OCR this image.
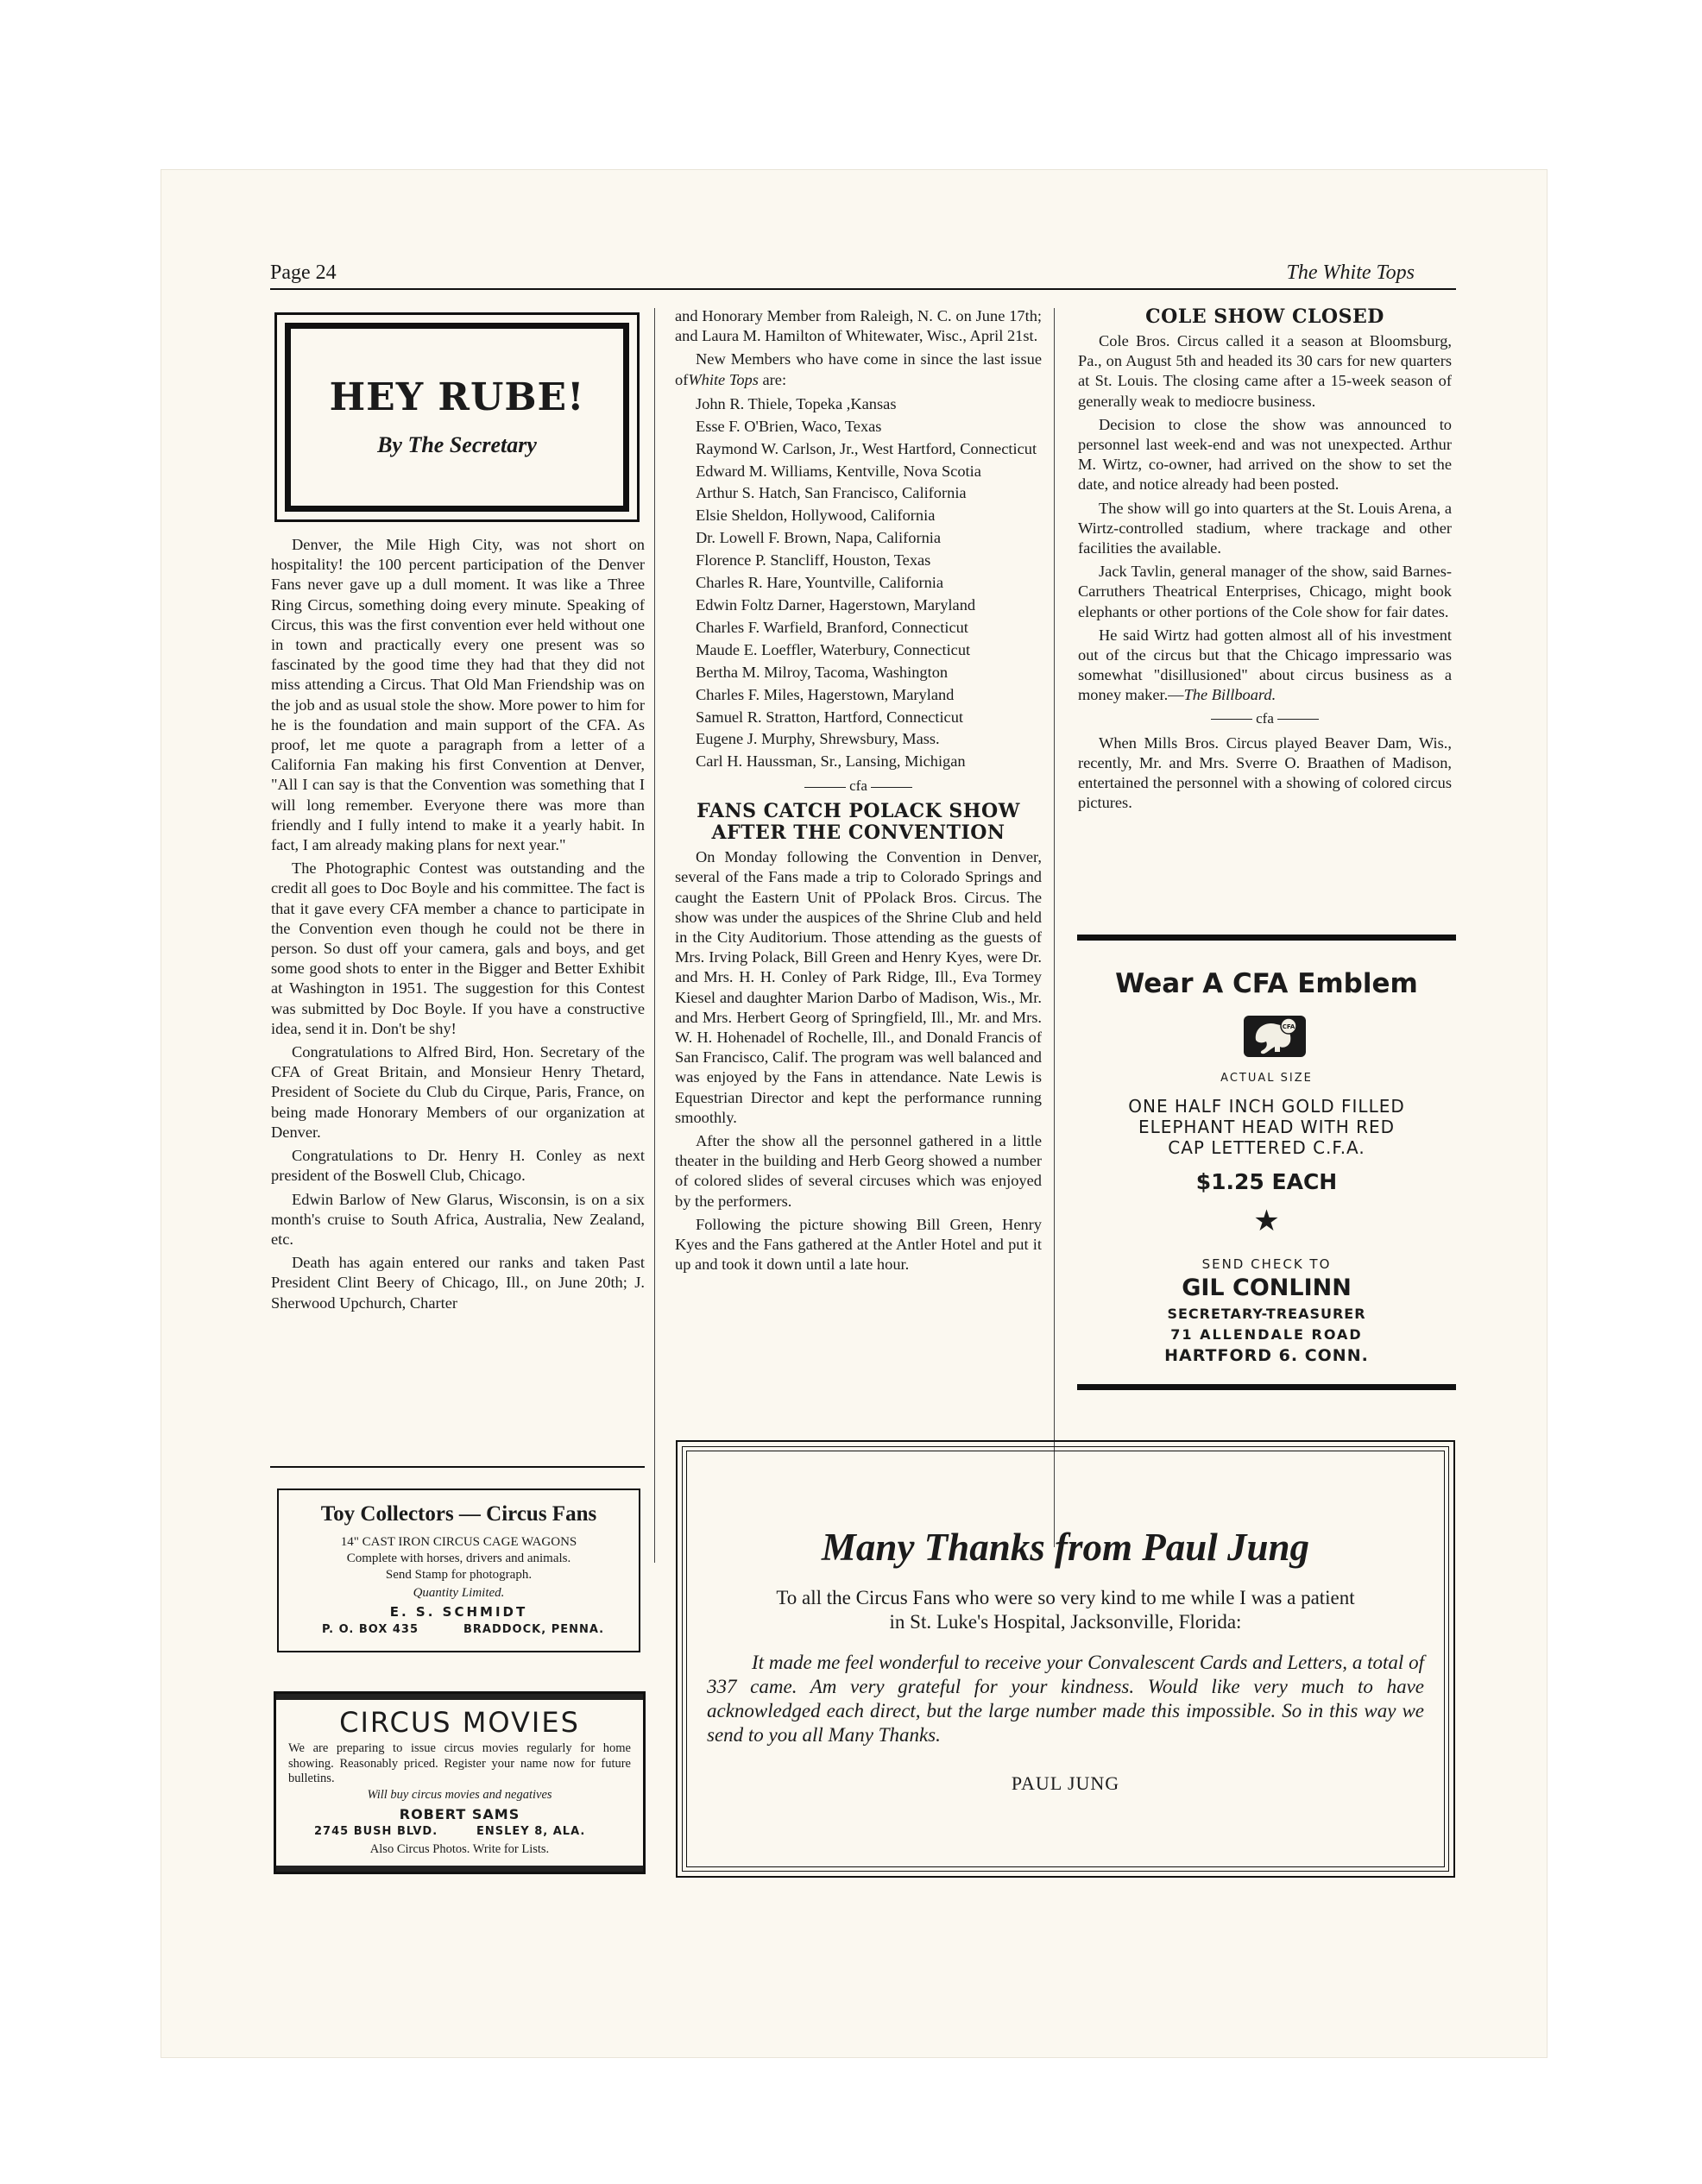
Page 24	The White Tops
HEY RUBE!
By The Secretary

Denver, the Mile High City, was not short on hospitality! the 100 percent participation of the Denver Fans never gave up a dull moment. It was like a Three Ring Circus, something doing every minute. Speaking of Circus, this was the first convention ever held without one in town and practically every one present was so fascinated by the good time they had that they did not miss attending a Circus. That Old Man Friendship was on the job and as usual stole the show. More power to him for he is the foundation and main support of the CFA. As proof, let me quote a paragraph from a letter of a California Fan making his first Convention at Denver, "All I can say is that the Convention was something that I will long remember. Everyone there was more than friendly and I fully intend to make it a yearly habit. In fact, I am already making plans for next year."

The Photographic Contest was outstanding and the credit all goes to Doc Boyle and his committee. The fact is that it gave every CFA member a chance to participate in the Convention even though he could not be there in person. So dust off your camera, gals and boys, and get some good shots to enter in the Bigger and Better Exhibit at Washington in 1951. The suggestion for this Contest was submitted by Doc Boyle. If you have a constructive idea, send it in. Don't be shy!

Congratulations to Alfred Bird, Hon. Secretary of the CFA of Great Britain, and Monsieur Henry Thetard, President of Societe du Club du Cirque, Paris, France, on being made Honorary Members of our organization at Denver.

Congratulations to Dr. Henry H. Conley as next president of the Boswell Club, Chicago.

Edwin Barlow of New Glarus, Wisconsin, is on a six month's cruise to South Africa, Australia, New Zealand, etc.

Death has again entered our ranks and taken Past President Clint Beery of Chicago, Ill., on June 20th; J. Sherwood Upchurch, Charter

Toy Collectors — Circus Fans
14" CAST IRON CIRCUS CAGE WAGONS
Complete with horses, drivers and animals.
Send Stamp for photograph.
Quantity Limited.
E. S. SCHMIDT
P. O. BOX 435	BRADDOCK, PENNA.
CIRCUS MOVIES
We are preparing to issue circus movies regularly for home showing. Reasonably priced. Register your name now for future bulletins.
Will buy circus movies and negatives
ROBERT SAMS
2745 BUSH BLVD.	ENSLEY 8, ALA.
Also Circus Photos. Write for Lists.

and Honorary Member from Raleigh, N. C. on June 17th; and Laura M. Hamilton of Whitewater, Wisc., April 21st.

New Members who have come in since the last issue ofWhite Tops are:

John R. Thiele, Topeka ,Kansas
Esse F. O'Brien, Waco, Texas
Raymond W. Carlson, Jr., West Hartford, Connecticut
Edward M. Williams, Kentville, Nova Scotia
Arthur S. Hatch, San Francisco, California
Elsie Sheldon, Hollywood, California
Dr. Lowell F. Brown, Napa, California
Florence P. Stancliff, Houston, Texas
Charles R. Hare, Yountville, California
Edwin Foltz Darner, Hagerstown, Maryland
Charles F. Warfield, Branford, Connecticut
Maude E. Loeffler, Waterbury, Connecticut
Bertha M. Milroy, Tacoma, Washington
Charles F. Miles, Hagerstown, Maryland
Samuel R. Stratton, Hartford, Connecticut
Eugene J. Murphy, Shrewsbury, Mass.
Carl H. Haussman, Sr., Lansing, Michigan
cfa
FANS CATCH POLACK SHOW
AFTER THE CONVENTION

On Monday following the Convention in Denver, several of the Fans made a trip to Colorado Springs and caught the Eastern Unit of PPolack Bros. Circus. The show was under the auspices of the Shrine Club and held in the City Auditorium. Those attending as the guests of Mrs. Irving Polack, Bill Green and Henry Kyes, were Dr. and Mrs. H. H. Conley of Park Ridge, Ill., Eva Tormey Kiesel and daughter Marion Darbo of Madison, Wis., Mr. and Mrs. Herbert Georg of Springfield, Ill., Mr. and Mrs. W. H. Hohenadel of Rochelle, Ill., and Donald Francis of San Francisco, Calif. The program was well balanced and was enjoyed by the Fans in attendance. Nate Lewis is Equestrian Director and kept the performance running smoothly.

After the show all the personnel gathered in a little theater in the building and Herb Georg showed a number of colored slides of several circuses which was enjoyed by the performers.

Following the picture showing Bill Green, Henry Kyes and the Fans gathered at the Antler Hotel and put it up and took it down until a late hour.

COLE SHOW CLOSED

Cole Bros. Circus called it a season at Bloomsburg, Pa., on August 5th and headed its 30 cars for new quarters at St. Louis. The closing came after a 15-week season of generally weak to mediocre business.

Decision to close the show was announced to personnel last week-end and was not unexpected. Arthur M. Wirtz, co-owner, had arrived on the show to set the date, and notice already had been posted.

The show will go into quarters at the St. Louis Arena, a Wirtz-controlled stadium, where trackage and other facilities the available.

Jack Tavlin, general manager of the show, said Barnes-Carruthers Theatrical Enterprises, Chicago, might book elephants or other portions of the Cole show for fair dates.

He said Wirtz had gotten almost all of his investment out of the circus but that the Chicago impressario was somewhat "disillusioned" about circus business as a money maker.—The Billboard.

cfa

When Mills Bros. Circus played Beaver Dam, Wis., recently, Mr. and Mrs. Sverre O. Braathen of Madison, entertained the personnel with a showing of colored circus pictures.

Wear A CFA Emblem
CFA
ACTUAL SIZE
ONE HALF INCH GOLD FILLED
ELEPHANT HEAD WITH RED
CAP LETTERED C.F.A.
$1.25 EACH
★
SEND CHECK TO
GIL CONLINN
SECRETARY-TREASURER
71 ALLENDALE ROAD
HARTFORD 6. CONN.
Many Thanks from Paul Jung
To all the Circus Fans who were so very kind to me while I was a patient
in St. Luke's Hospital, Jacksonville, Florida:
It made me feel wonderful to receive your Convalescent Cards and Letters, a total of 337 came. Am very grateful for your kindness. Would like very much to have acknowledged each direct, but the large number made this impossible. So in this way we send to you all Many Thanks.
PAUL JUNG
